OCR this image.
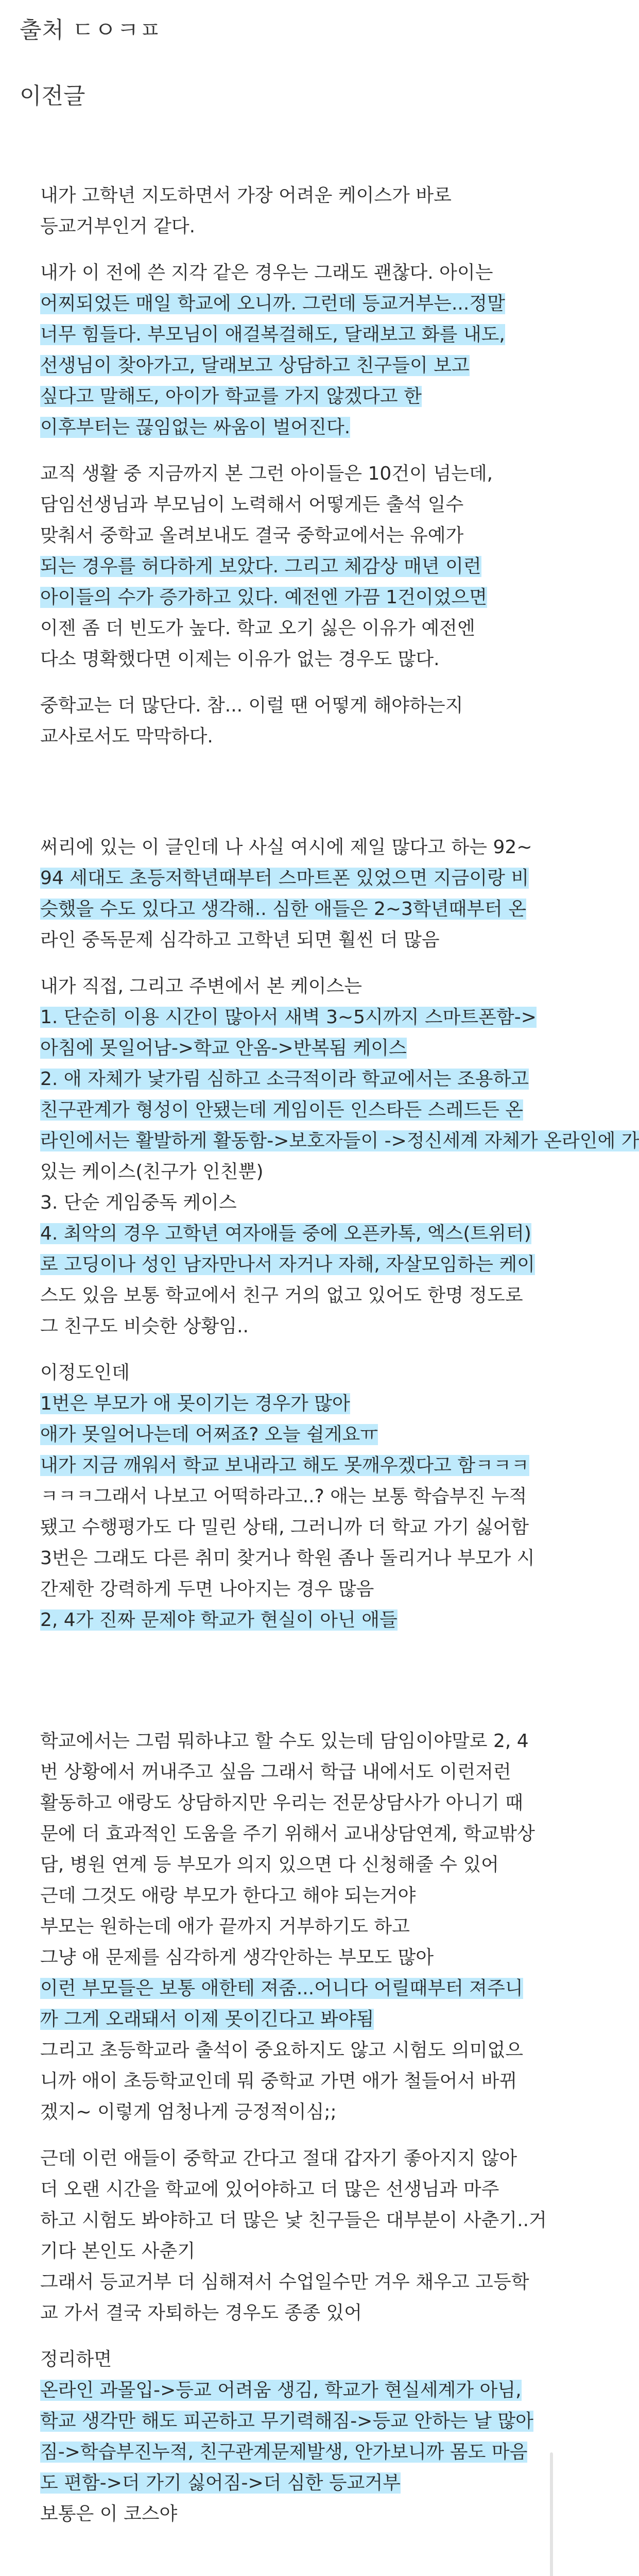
출처 ㄷㅇㅋㅍ
이전글
내가 고학년 지도하면서 가장 어려운 케이스가 바로
등교거부인거 같다.
내가 이 전에 쓴 지각 같은 경우는 그래도 괜찮다. 아이는
어찌되었든 매일 학교에 오니까. 그런데 등교거부는...정말
너무 힘들다. 부모님이 애걸복걸해도, 달래보고 화를 내도,
선생님이 찾아가고, 달래보고 상담하고 친구들이 보고
싶다고 말해도, 아이가 학교를 가지 않겠다고 한
이후부터는 끊임없는 싸움이 벌어진다.
교직 생활 중 지금까지 본 그런 아이들은 10건이 넘는데,
담임선생님과 부모님이 노력해서 어떻게든 출석 일수
맞춰서 중학교 올려보내도 결국 중학교에서는 유예가
되는 경우를 허다하게 보았다. 그리고 체감상 매년 이런
아이들의 수가 증가하고 있다. 예전엔 가끔 1건이었으면
이젠 좀 더 빈도가 높다. 학교 오기 싫은 이유가 예전엔
다소 명확했다면 이제는 이유가 없는 경우도 많다.
중학교는 더 많단다. 참... 이럴 땐 어떻게 해야하는지
교사로서도 막막하다.
써리에 있는 이 글인데 나 사실 여시에 제일 많다고 하는 92~
94 세대도 초등저학년때부터 스마트폰 있었으면 지금이랑 비
슷했을 수도 있다고 생각해.. 심한 애들은 2~3학년때부터 온
라인 중독문제 심각하고 고학년 되면 훨씬 더 많음
내가 직접, 그리고 주변에서 본 케이스는
1. 단순히 이용 시간이 많아서 새벽 3~5시까지 스마트폰함->
아침에 못일어남->학교 안옴->반복됨 케이스
2. 애 자체가 낯가림 심하고 소극적이라 학교에서는 조용하고
친구관계가 형성이 안됐는데 게임이든 인스타든 스레드든 온
라인에서는 활발하게 활동함->보호자들이 ->정신세계 자체가 온라인에 가
있는 케이스(친구가 인친뿐)
3. 단순 게임중독 케이스
4. 최악의 경우 고학년 여자애들 중에 오픈카톡, 엑스(트위터)
로 고딩이나 성인 남자만나서 자거나 자해, 자살모임하는 케이
스도 있음 보통 학교에서 친구 거의 없고 있어도 한명 정도로
그 친구도 비슷한 상황임..
이정도인데
1번은 부모가 애 못이기는 경우가 많아
애가 못일어나는데 어쩌죠? 오늘 쉴게요ㅠ
내가 지금 깨워서 학교 보내라고 해도 못깨우겠다고 함ㅋㅋㅋ
ㅋㅋㅋ그래서 나보고 어떡하라고..? 애는 보통 학습부진 누적
됐고 수행평가도 다 밀린 상태, 그러니까 더 학교 가기 싫어함
3번은 그래도 다른 취미 찾거나 학원 좀나 돌리거나 부모가 시
간제한 강력하게 두면 나아지는 경우 많음
2, 4가 진짜 문제야 학교가 현실이 아닌 애들
학교에서는 그럼 뭐하냐고 할 수도 있는데 담임이야말로 2, 4
번 상황에서 꺼내주고 싶음 그래서 학급 내에서도 이런저런
활동하고 애랑도 상담하지만 우리는 전문상담사가 아니기 때
문에 더 효과적인 도움을 주기 위해서 교내상담연계, 학교밖상
담, 병원 연계 등 부모가 의지 있으면 다 신청해줄 수 있어
근데 그것도 애랑 부모가 한다고 해야 되는거야
부모는 원하는데 애가 끝까지 거부하기도 하고
그냥 애 문제를 심각하게 생각안하는 부모도 많아
이런 부모들은 보통 애한테 져줌...어니다 어릴때부터 져주니
까 그게 오래돼서 이제 못이긴다고 봐야됨
그리고 초등학교라 출석이 중요하지도 않고 시험도 의미없으
니까 애이 초등학교인데 뭐 중학교 가면 애가 철들어서 바뀌
겠지~ 이렇게 엄청나게 긍정적이심;;
근데 이런 애들이 중학교 간다고 절대 갑자기 좋아지지 않아
더 오랜 시간을 학교에 있어야하고 더 많은 선생님과 마주
하고 시험도 봐야하고 더 많은 낯 친구들은 대부분이 사춘기..거
기다 본인도 사춘기
그래서 등교거부 더 심해져서 수업일수만 겨우 채우고 고등학
교 가서 결국 자퇴하는 경우도 종종 있어
정리하면
온라인 과몰입->등교 어려움 생김, 학교가 현실세계가 아님,
학교 생각만 해도 피곤하고 무기력해짐->등교 안하는 날 많아
짐->학습부진누적, 친구관계문제발생, 안가보니까 몸도 마음
도 편함->더 가기 싫어짐->더 심한 등교거부
보통은 이 코스야
